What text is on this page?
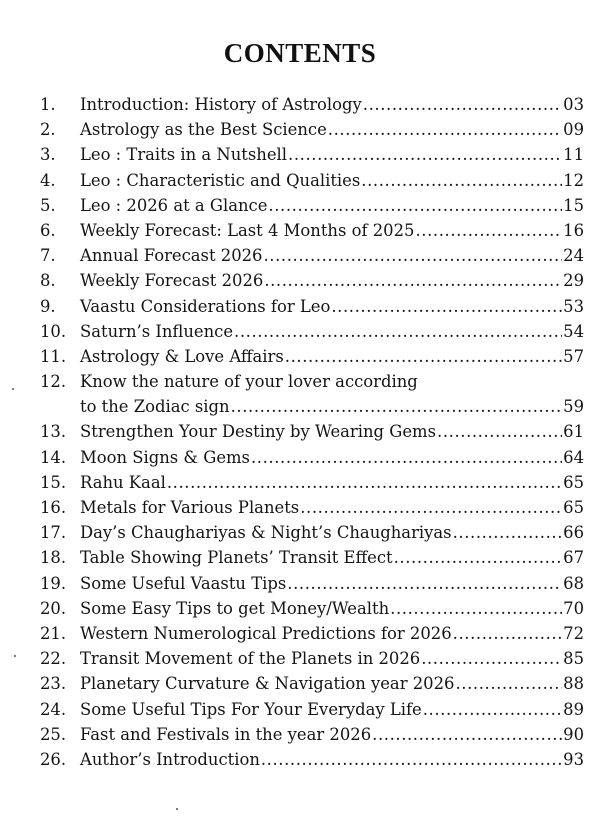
CONTENTS
1.	Introduction: History of Astrology .....	03
2.	Astrology as the Best Science .....	09
3.	Leo : Traits in a Nutshell .....	11
4.	Leo : Characteristic and Qualities .....	12
5.	Leo : 2026 at a Glance .....	15
6.	Weekly Forecast: Last 4 Months of 2025 .....	16
7.	Annual Forecast 2026 .....	24
8.	Weekly Forecast 2026 .....	29
9.	Vaastu Considerations for Leo .....	53
10. Saturn’s Influence .....	54
11. Astrology & Love Affairs .....	57
12. Know the nature of your lover according
to the Zodiac sign .....	59
13. Strengthen Your Destiny by Wearing Gems .....	61
14. Moon Signs & Gems .....	64
15. Rahu Kaal .....	65
16. Metals for Various Planets .....	65
17. Day’s Chaughariyas & Night’s Chaughariyas .....	66
18. Table Showing Planets’ Transit Effect .....	67
19. Some Useful Vaastu Tips .....	68
20. Some Easy Tips to get Money/Wealth .....	70
21. Western Numerological Predictions for 2026 .....	72
22. Transit Movement of the Planets in 2026 .....	85
23. Planetary Curvature & Navigation year 2026 .....	88
24. Some Useful Tips For Your Everyday Life .....	89
25. Fast and Festivals in the year 2026 .....	90
26. Author’s Introduction .....	93
